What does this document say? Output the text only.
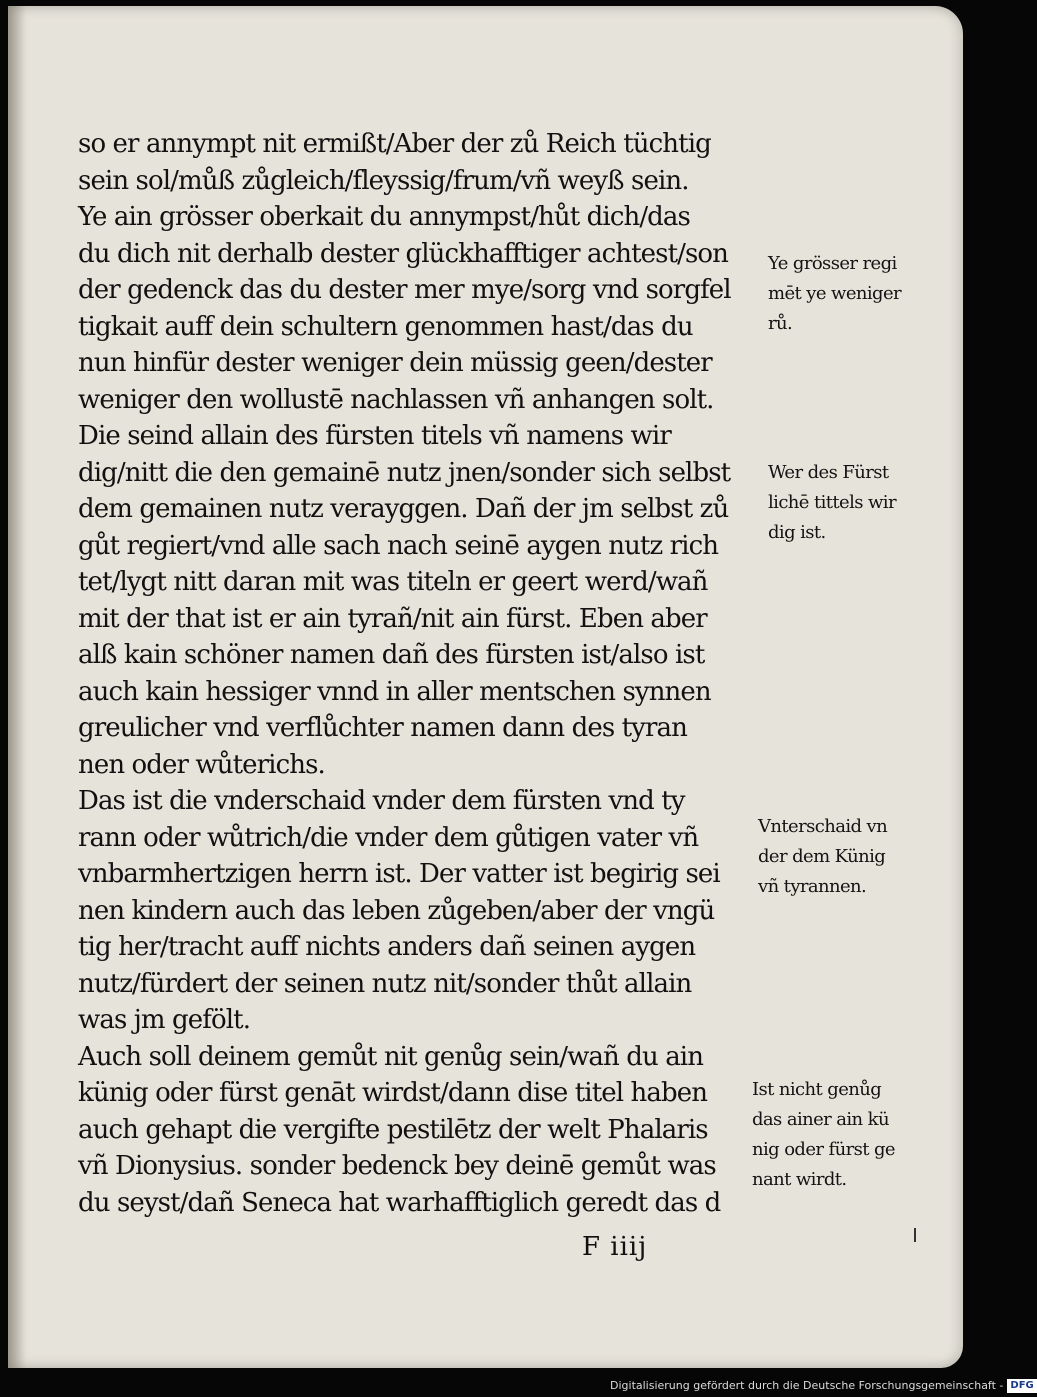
so er annympt nit ermißt/Aber der zů Reich tüchtig
sein sol/můß zůgleich/fleyssig/frum/vñ weyß sein.
Ye ain grösser oberkait du annympst/hůt dich/das
du dich nit derhalb dester glückhafftiger achtest/son
der gedenck das du dester mer mye/sorg vnd sorgfel
tigkait auff dein schultern genommen hast/das du
nun hinfür dester weniger dein müssig geen/dester
weniger den wollustē nachlassen vñ anhangen solt.
Die seind allain des fürsten titels vñ namens wir
dig/nitt die den gemainē nutz jnen/sonder sich selbst
dem gemainen nutz verayggen. Dañ der jm selbst zů
gůt regiert/vnd alle sach nach seinē aygen nutz rich
tet/lygt nitt daran mit was titeln er geert werd/wañ
mit der that ist er ain tyrañ/nit ain fürst. Eben aber
alß kain schöner namen dañ des fürsten ist/also ist
auch kain hessiger vnnd in aller mentschen synnen
greulicher vnd verflůchter namen dann des tyran
nen oder wůterichs.
Das ist die vnderschaid vnder dem fürsten vnd ty
rann oder wůtrich/die vnder dem gůtigen vater vñ
vnbarmhertzigen herrn ist. Der vatter ist begirig sei
nen kindern auch das leben zůgeben/aber der vngü
tig her/tracht auff nichts anders dañ seinen aygen
nutz/fürdert der seinen nutz nit/sonder thůt allain
was jm gefölt.
Auch soll deinem gemůt nit genůg sein/wañ du ain
künig oder fürst genāt wirdst/dann dise titel haben
auch gehapt die vergifte pestilētz der welt Phalaris
vñ Dionysius. sonder bedenck bey deinē gemůt was
du seyst/dañ Seneca hat warhafftiglich geredt das d
Ye grösser regi
mēt ye weniger
rů.
Wer des Fürst
lichē tittels wir
dig ist.
Vnterschaid vn
der dem Künig
vñ tyrannen.
Ist nicht genůg
das ainer ain kü
nig oder fürst ge
nant wirdt.
F iiij
Digitalisierung gefördert durch die Deutsche Forschungsgemeinschaft - DFG
